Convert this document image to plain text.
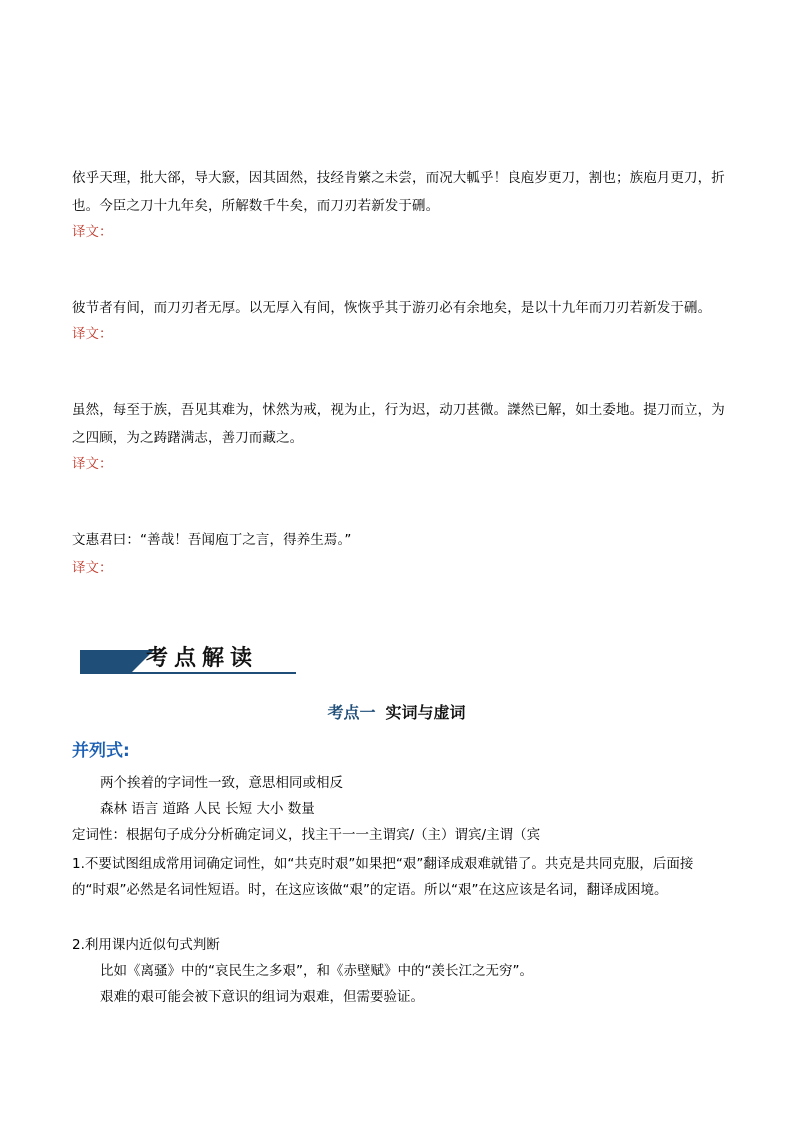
依乎天理，批大郤，导大窾，因其固然，技经肯綮之未尝，而况大軱乎！良庖岁更刀，割也；族庖月更刀，折也。今臣之刀十九年矣，所解数千牛矣，而刀刃若新发于硎。
译文：
彼节者有间，而刀刃者无厚。以无厚入有间，恢恢乎其于游刃必有余地矣，是以十九年而刀刃若新发于硎。
译文：
虽然，每至于族，吾见其难为，怵然为戒，视为止，行为迟，动刀甚微。謋然已解，如土委地。提刀而立，为之四顾，为之踌躇满志，善刀而藏之。
译文：
文惠君曰：“善哉！吾闻庖丁之言，得养生焉。”
译文：
考点解读
考点一 实词与虚词
并列式:
两个挨着的字词性一致，意思相同或相反
森林 语言 道路 人民 长短 大小 数量
定词性：根据句子成分分析确定词义，找主干一一主谓宾/（主）谓宾/主谓（宾
1.不要试图组成常用词确定词性，如“共克时艰”如果把“艰”翻译成艰难就错了。共克是共同克服，后面接的“时艰”必然是名词性短语。时，在这应该做“艰”的定语。所以“艰”在这应该是名词，翻译成困境。
2.利用课内近似句式判断
比如《离骚》中的“哀民生之多艰”，和《赤壁赋》中的“羡长江之无穷”。
艰难的艰可能会被下意识的组词为艰难，但需要验证。
